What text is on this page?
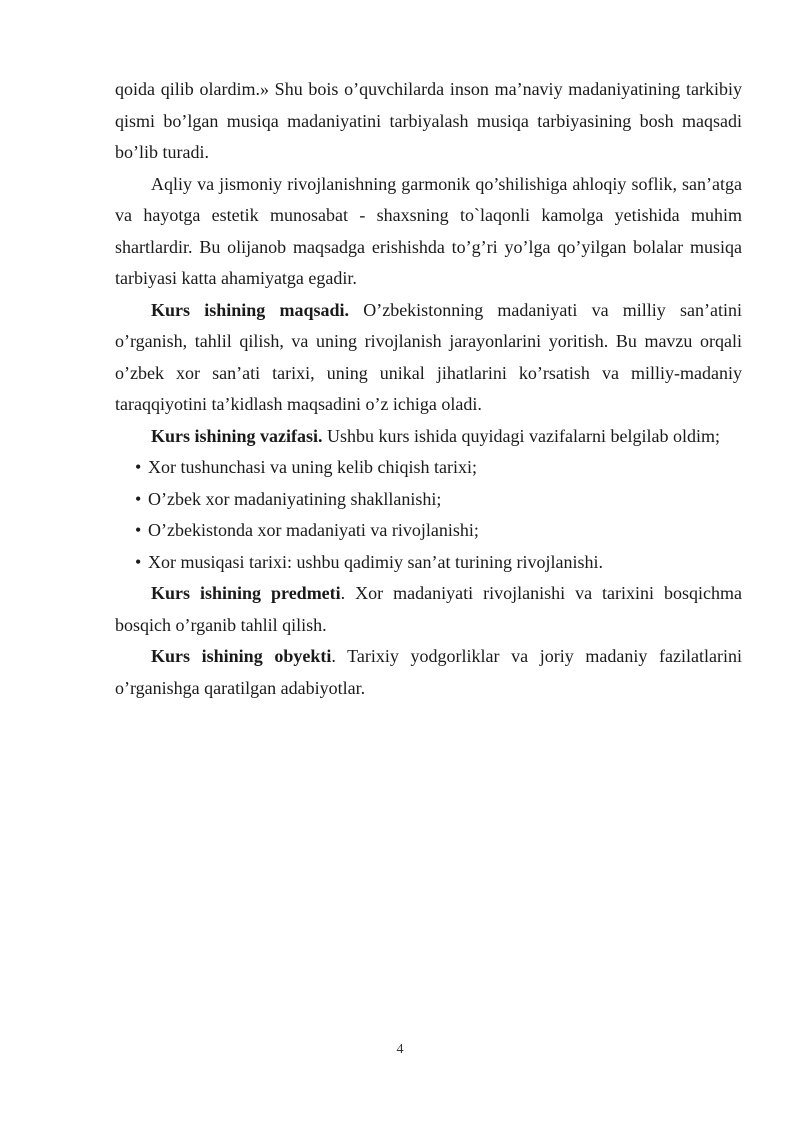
qoida qilib olardim.» Shu bois o’quvchilarda inson ma’naviy madaniyatining tarkibiy qismi bo’lgan musiqa madaniyatini tarbiyalash musiqa tarbiyasining bosh maqsadi bo’lib turadi.

Aqliy va jismoniy rivojlanishning garmonik qo’shilishiga ahloqiy soflik, san’atga va hayotga estetik munosabat - shaxsning to`laqonli kamolga yetishida muhim shartlardir. Bu olijanob maqsadga erishishda to’g’ri yo’lga qo’yilgan bolalar musiqa tarbiyasi katta ahamiyatga egadir.

Kurs ishining maqsadi. O’zbekistonning madaniyati va milliy san’atini o’rganish, tahlil qilish, va uning rivojlanish jarayonlarini yoritish. Bu mavzu orqali o’zbek xor san’ati tarixi, uning unikal jihatlarini ko’rsatish va milliy-madaniy taraqqiyotini ta’kidlash maqsadini o’z ichiga oladi.

Kurs ishining vazifasi. Ushbu kurs ishida quyidagi vazifalarni belgilab oldim;

• Xor tushunchasi va uning kelib chiqish tarixi;
• O’zbek xor madaniyatining shakllanishi;
• O’zbekistonda xor madaniyati va rivojlanishi;
• Xor musiqasi tarixi: ushbu qadimiy san’at turining rivojlanishi.

Kurs ishining predmeti. Xor madaniyati rivojlanishi va tarixini bosqichma bosqich o’rganib tahlil qilish.

Kurs ishining obyekti. Tarixiy yodgorliklar va joriy madaniy fazilatlarini o’rganishga qaratilgan adabiyotlar.

4
